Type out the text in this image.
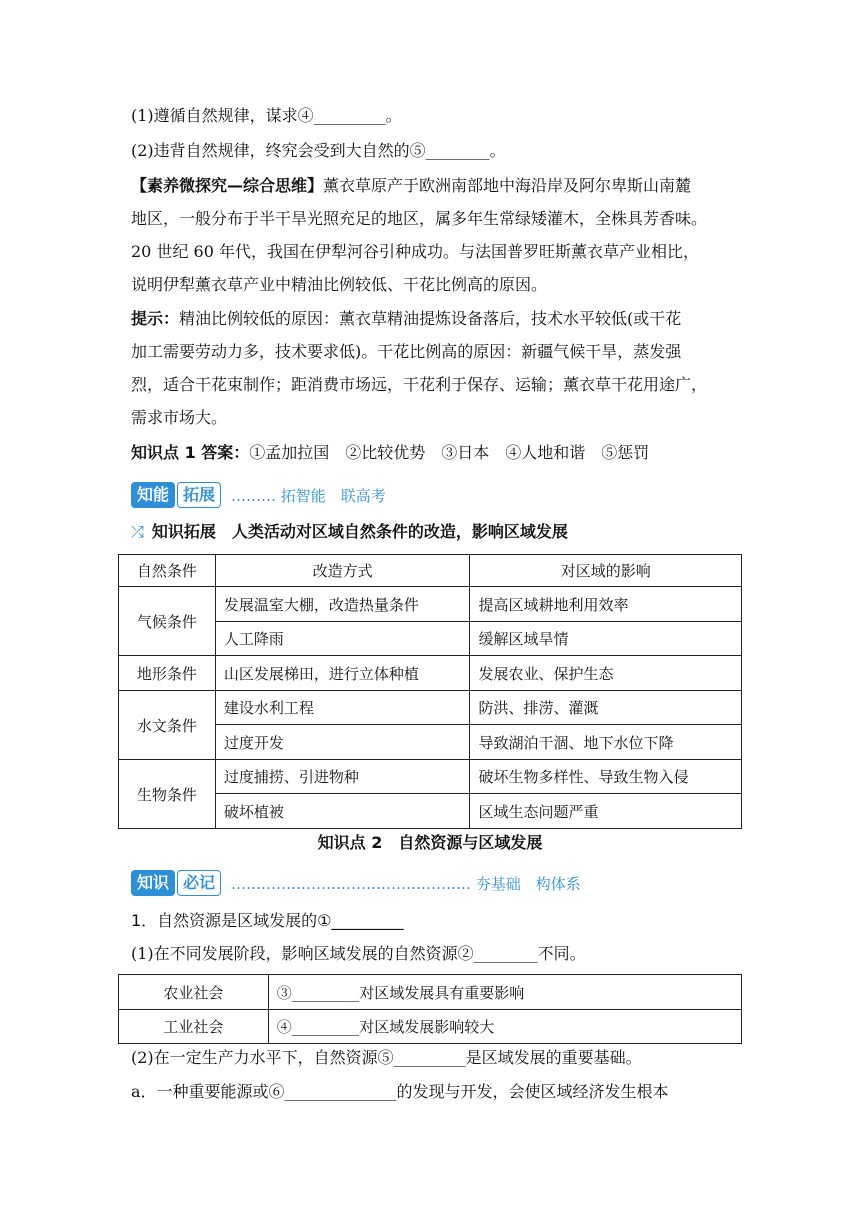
(1)遵循自然规律，谋求④_________。
(2)违背自然规律，终究会受到大自然的⑤________。
【素养微探究—综合思维】薰衣草原产于欧洲南部地中海沿岸及阿尔卑斯山南麓
地区，一般分布于半干旱光照充足的地区，属多年生常绿矮灌木，全株具芳香味。
20 世纪 60 年代，我国在伊犁河谷引种成功。与法国普罗旺斯薰衣草产业相比，
说明伊犁薰衣草产业中精油比例较低、干花比例高的原因。
提示：精油比例较低的原因：薰衣草精油提炼设备落后，技术水平较低(或干花
加工需要劳动力多，技术要求低)。干花比例高的原因：新疆气候干旱，蒸发强
烈，适合干花束制作；距消费市场远，干花利于保存、运输；薰衣草干花用途广，
需求市场大。
知识点 1 答案：①孟加拉国　②比较优势　③日本　④人地和谐　⑤惩罚
知能 拓展	……… 拓智能　联高考
⤮ 知识拓展　人类活动对区域自然条件的改造，影响区域发展
自然条件	改造方式	对区域的影响
气候条件	发展温室大棚，改造热量条件	提高区域耕地利用效率
	人工降雨	缓解区域旱情
地形条件	山区发展梯田，进行立体种植	发展农业、保护生态
水文条件	建设水利工程	防洪、排涝、灌溉
	过度开发	导致湖泊干涸、地下水位下降
生物条件	过度捕捞、引进物种	破坏生物多样性、导致生物入侵
	破坏植被	区域生态问题严重
知识点 2　自然资源与区域发展
知识 必记	………………………………………… 夯基础　构体系
1．自然资源是区域发展的①_________
(1)在不同发展阶段，影响区域发展的自然资源②________不同。
农业社会	③_________对区域发展具有重要影响
工业社会	④_________对区域发展影响较大
(2)在一定生产力水平下，自然资源⑤_________是区域发展的重要基础。
a．一种重要能源或⑥______________的发现与开发，会使区域经济发生根本
